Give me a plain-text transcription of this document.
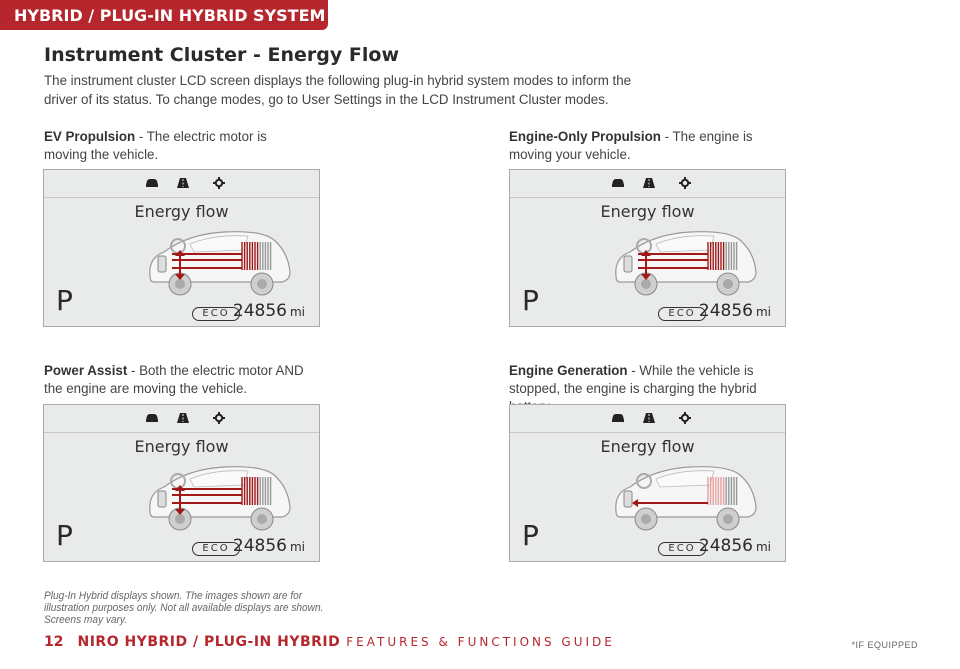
HYBRID / PLUG-IN HYBRID SYSTEM
Instrument Cluster - Energy Flow
The instrument cluster LCD screen displays the following plug-in hybrid system modes to inform the driver of its status. To change modes, go to User Settings in the LCD Instrument Cluster modes.
EV Propulsion - The electric motor is moving the vehicle.
Engine-Only Propulsion - The engine is moving your vehicle.
Power Assist - Both the electric motor AND the engine are moving the vehicle.
Engine Generation - While the vehicle is stopped, the engine is charging the hybrid
Energy flow
P	ECO 24856 mi
Energy flow
P	ECO 24856 mi
Energy flow
P	ECO 24856 mi
Energy flow
P	ECO 24856 mi
Plug-In Hybrid displays shown. The images shown are for illustration purposes only. Not all available displays are shown. Screens may vary.
12 NIRO HYBRID / PLUG-IN HYBRID FEATURES & FUNCTIONS GUIDE	*IF EQUIPPED
